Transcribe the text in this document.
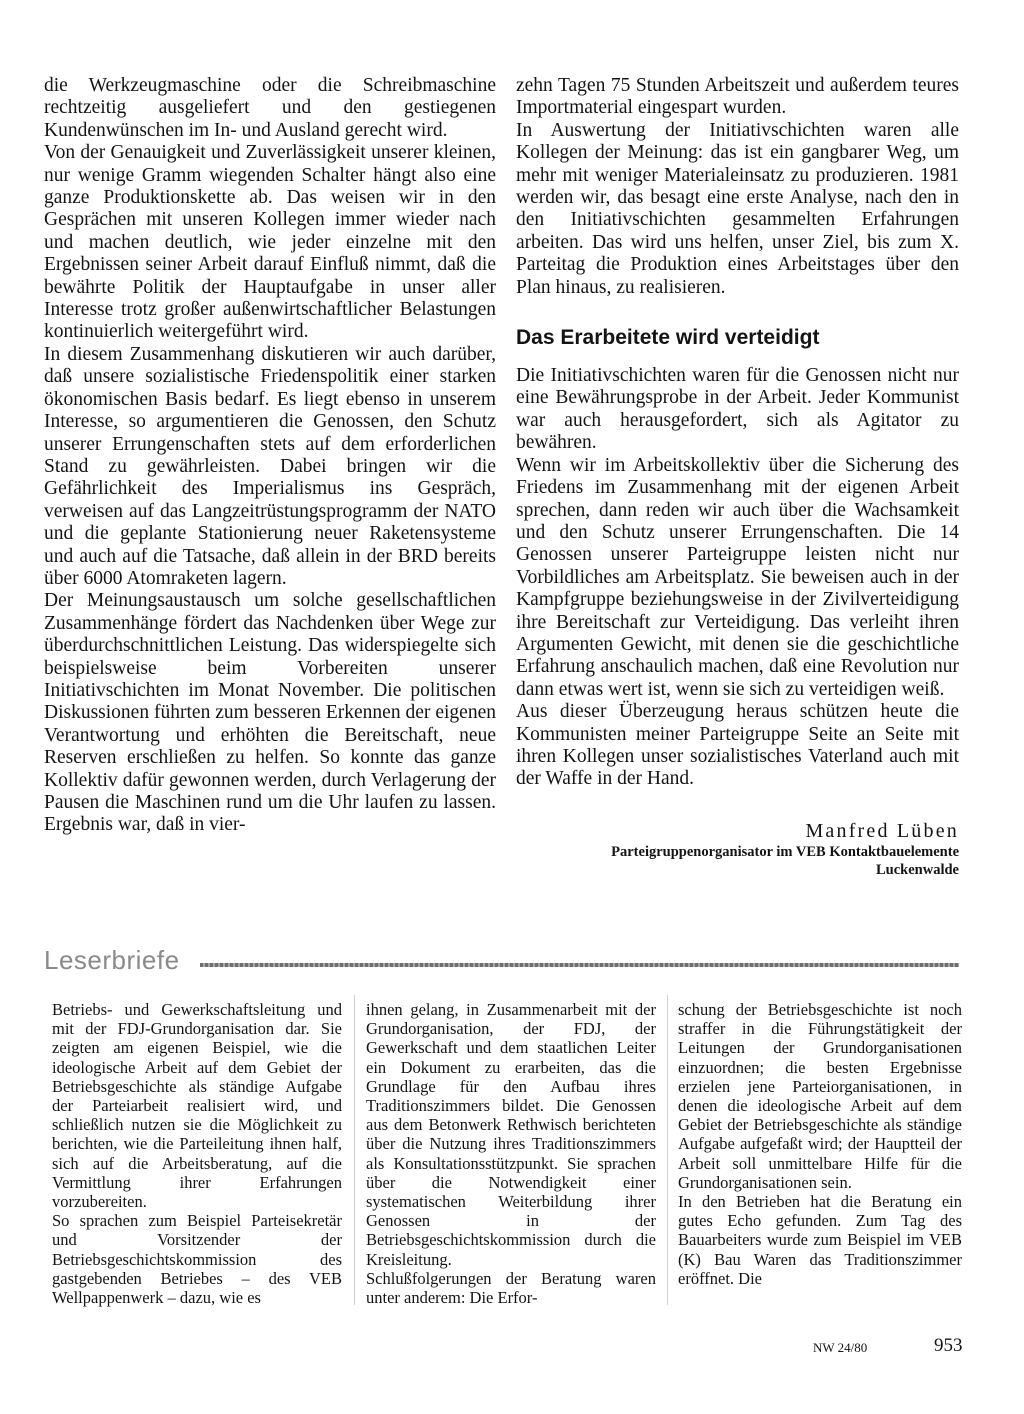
die Werkzeugmaschine oder die Schreibmaschine rechtzeitig ausgeliefert und den gestiegenen Kundenwünschen im In- und Ausland gerecht wird.

Von der Genauigkeit und Zuverlässigkeit unserer kleinen, nur wenige Gramm wiegenden Schalter hängt also eine ganze Produktionskette ab. Das weisen wir in den Gesprächen mit unseren Kollegen immer wieder nach und machen deutlich, wie jeder einzelne mit den Ergebnissen seiner Arbeit darauf Einfluß nimmt, daß die bewährte Politik der Hauptaufgabe in unser aller Interesse trotz großer außenwirtschaftlicher Belastungen kontinuierlich weitergeführt wird.

In diesem Zusammenhang diskutieren wir auch darüber, daß unsere sozialistische Friedenspolitik einer starken ökonomischen Basis bedarf. Es liegt ebenso in unserem Interesse, so argumentieren die Genossen, den Schutz unserer Errungenschaften stets auf dem erforderlichen Stand zu gewährleisten. Dabei bringen wir die Gefährlichkeit des Imperialismus ins Gespräch, verweisen auf das Langzeitrüstungsprogramm der NATO und die geplante Stationierung neuer Raketensysteme und auch auf die Tatsache, daß allein in der BRD bereits über 6000 Atomraketen lagern.

Der Meinungsaustausch um solche gesellschaftlichen Zusammenhänge fördert das Nachdenken über Wege zur überdurchschnittlichen Leistung. Das widerspiegelte sich beispielsweise beim Vorbereiten unserer Initiativschichten im Monat November. Die politischen Diskussionen führten zum besseren Erkennen der eigenen Verantwortung und erhöhten die Bereitschaft, neue Reserven erschließen zu helfen. So konnte das ganze Kollektiv dafür gewonnen werden, durch Verlagerung der Pausen die Maschinen rund um die Uhr laufen zu lassen. Ergebnis war, daß in vier-

zehn Tagen 75 Stunden Arbeitszeit und außerdem teures Importmaterial eingespart wurden.

In Auswertung der Initiativschichten waren alle Kollegen der Meinung: das ist ein gangbarer Weg, um mehr mit weniger Materialeinsatz zu produzieren. 1981 werden wir, das besagt eine erste Analyse, nach den in den Initiativschichten gesammelten Erfahrungen arbeiten. Das wird uns helfen, unser Ziel, bis zum X. Parteitag die Produktion eines Arbeitstages über den Plan hinaus, zu realisieren.

Das Erarbeitete wird verteidigt

Die Initiativschichten waren für die Genossen nicht nur eine Bewährungsprobe in der Arbeit. Jeder Kommunist war auch herausgefordert, sich als Agitator zu bewähren.

Wenn wir im Arbeitskollektiv über die Sicherung des Friedens im Zusammenhang mit der eigenen Arbeit sprechen, dann reden wir auch über die Wachsamkeit und den Schutz unserer Errungenschaften. Die 14 Genossen unserer Parteigruppe leisten nicht nur Vorbildliches am Arbeitsplatz. Sie beweisen auch in der Kampfgruppe beziehungsweise in der Zivilverteidigung ihre Bereitschaft zur Verteidigung. Das verleiht ihren Argumenten Gewicht, mit denen sie die geschichtliche Erfahrung anschaulich machen, daß eine Revolution nur dann etwas wert ist, wenn sie sich zu verteidigen weiß.

Aus dieser Überzeugung heraus schützen heute die Kommunisten meiner Parteigruppe Seite an Seite mit ihren Kollegen unser sozialistisches Vaterland auch mit der Waffe in der Hand.

Manfred Lüben
Parteigruppenorganisator im VEB Kontaktbauelemente
Luckenwalde
Leserbriefe

Betriebs- und Gewerkschaftsleitung und mit der FDJ-Grundorganisation dar. Sie zeigten am eigenen Beispiel, wie die ideologische Arbeit auf dem Gebiet der Betriebsgeschichte als ständige Aufgabe der Parteiarbeit realisiert wird, und schließlich nutzen sie die Möglichkeit zu berichten, wie die Parteileitung ihnen half, sich auf die Arbeitsberatung, auf die Vermittlung ihrer Erfahrungen vorzubereiten.

So sprachen zum Beispiel Parteisekretär und Vorsitzender der Betriebsgeschichtskommission des gastgebenden Betriebes – des VEB Wellpappenwerk – dazu, wie es

ihnen gelang, in Zusammenarbeit mit der Grundorganisation, der FDJ, der Gewerkschaft und dem staatlichen Leiter ein Dokument zu erarbeiten, das die Grundlage für den Aufbau ihres Traditionszimmers bildet. Die Genossen aus dem Betonwerk Rethwisch berichteten über die Nutzung ihres Traditionszimmers als Konsultationsstützpunkt. Sie sprachen über die Notwendigkeit einer systematischen Weiterbildung ihrer Genossen in der Betriebsgeschichtskommission durch die Kreisleitung.

Schlußfolgerungen der Beratung waren unter anderem: Die Erfor-

schung der Betriebsgeschichte ist noch straffer in die Führungstätigkeit der Leitungen der Grundorganisationen einzuordnen; die besten Ergebnisse erzielen jene Parteiorganisationen, in denen die ideologische Arbeit auf dem Gebiet der Betriebsgeschichte als ständige Aufgabe aufgefaßt wird; der Hauptteil der Arbeit soll unmittelbare Hilfe für die Grundorganisationen sein.

In den Betrieben hat die Beratung ein gutes Echo gefunden. Zum Tag des Bauarbeiters wurde zum Beispiel im VEB (K) Bau Waren das Traditionszimmer eröffnet. Die

NW 24/80	953
